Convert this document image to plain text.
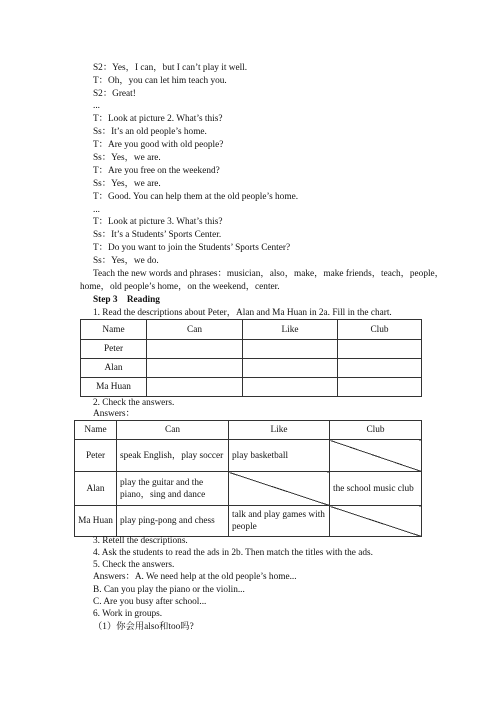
S2：Yes，I can，but I can’t play it well.
T：Oh，you can let him teach you.
S2：Great!
...
T：Look at picture 2. What’s this?
Ss：It’s an old people’s home.
T：Are you good with old people?
Ss：Yes，we are.
T：Are you free on the weekend?
Ss：Yes，we are.
T：Good. You can help them at the old people’s home.
...
T：Look at picture 3. What’s this?
Ss：It’s a Students’ Sports Center.
T：Do you want to join the Students’ Sports Center?
Ss：Yes，we do.
Teach the new words and phrases：musician，also，make，make friends，teach，people，
home，old people’s home，on the weekend，center.
Step 3    Reading
1. Read the descriptions about Peter，Alan and Ma Huan in 2a. Fill in the chart.
Name	Can	Like	Club
Peter			
Alan			
Ma Huan			
2. Check the answers.
Answers：
Name	Can	Like	Club
Peter	speak English，play soccer	play basketball	
Alan	play the guitar and the piano，sing and dance		the school music club
Ma Huan	play ping-pong and chess	talk and play games with people	
3. Retell the descriptions.
4. Ask the students to read the ads in 2b. Then match the titles with the ads.
5. Check the answers.
Answers：A. We need help at the old people’s home...
B. Can you play the piano or the violin...
C. Are you busy after school...
6. Work in groups.
（1）你会用also和too吗?
